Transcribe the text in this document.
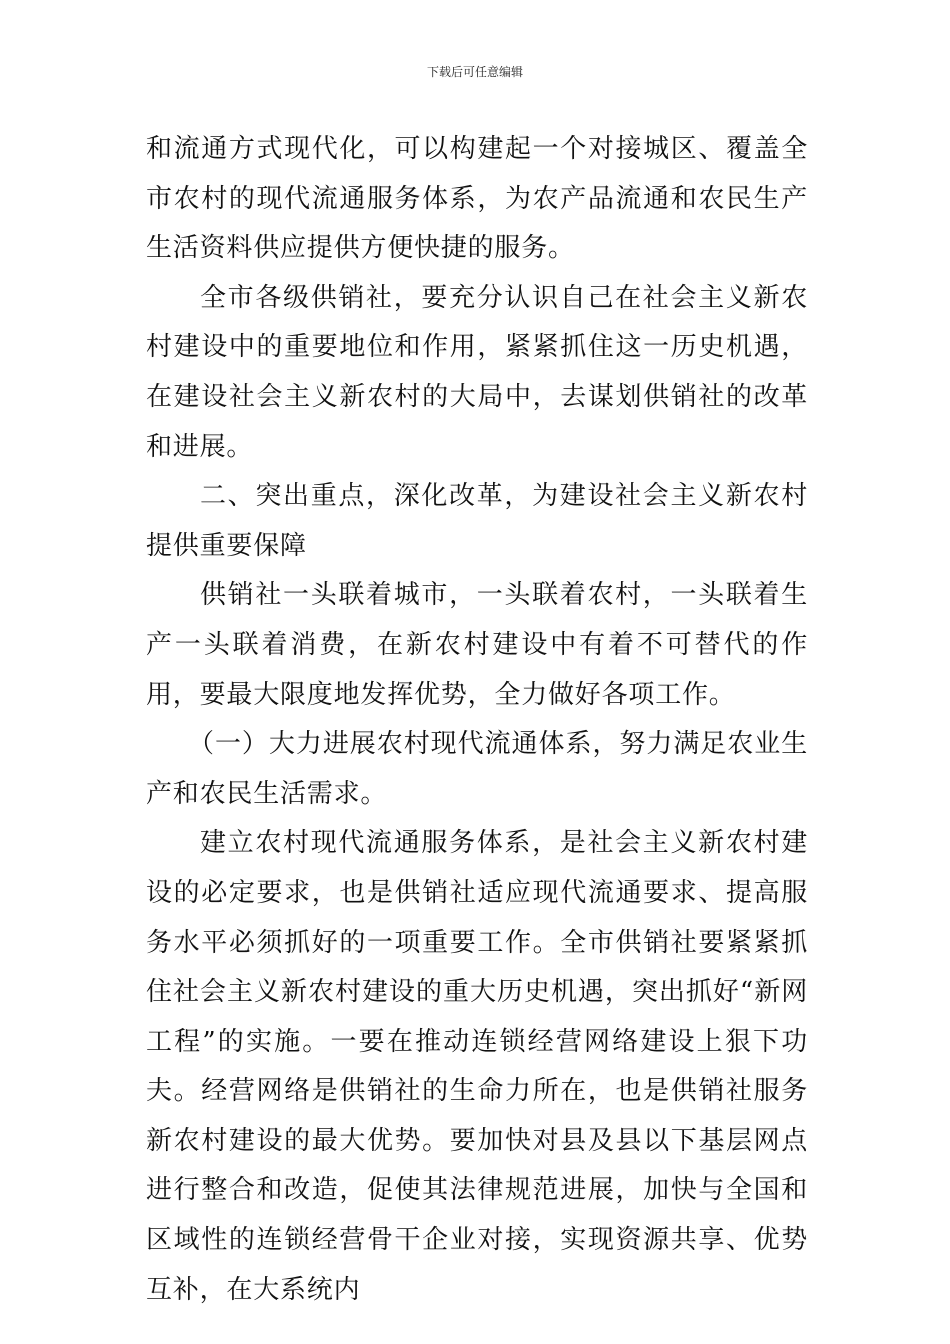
下载后可任意编辑

和流通方式现代化，可以构建起一个对接城区、覆盖全市农村的现代流通服务体系，为农产品流通和农民生产生活资料供应提供方便快捷的服务。

全市各级供销社，要充分认识自己在社会主义新农村建设中的重要地位和作用，紧紧抓住这一历史机遇，在建设社会主义新农村的大局中，去谋划供销社的改革和进展。

二、突出重点，深化改革，为建设社会主义新农村提供重要保障

供销社一头联着城市，一头联着农村，一头联着生产一头联着消费，在新农村建设中有着不可替代的作用，要最大限度地发挥优势，全力做好各项工作。

（一）大力进展农村现代流通体系，努力满足农业生产和农民生活需求。

建立农村现代流通服务体系，是社会主义新农村建设的必定要求，也是供销社适应现代流通要求、提高服务水平必须抓好的一项重要工作。全市供销社要紧紧抓住社会主义新农村建设的重大历史机遇，突出抓好“新网工程”的实施。一要在推动连锁经营网络建设上狠下功夫。经营网络是供销社的生命力所在，也是供销社服务新农村建设的最大优势。要加快对县及县以下基层网点进行整合和改造，促使其法律规范进展，加快与全国和区域性的连锁经营骨干企业对接，实现资源共享、优势互补，在大系统内
